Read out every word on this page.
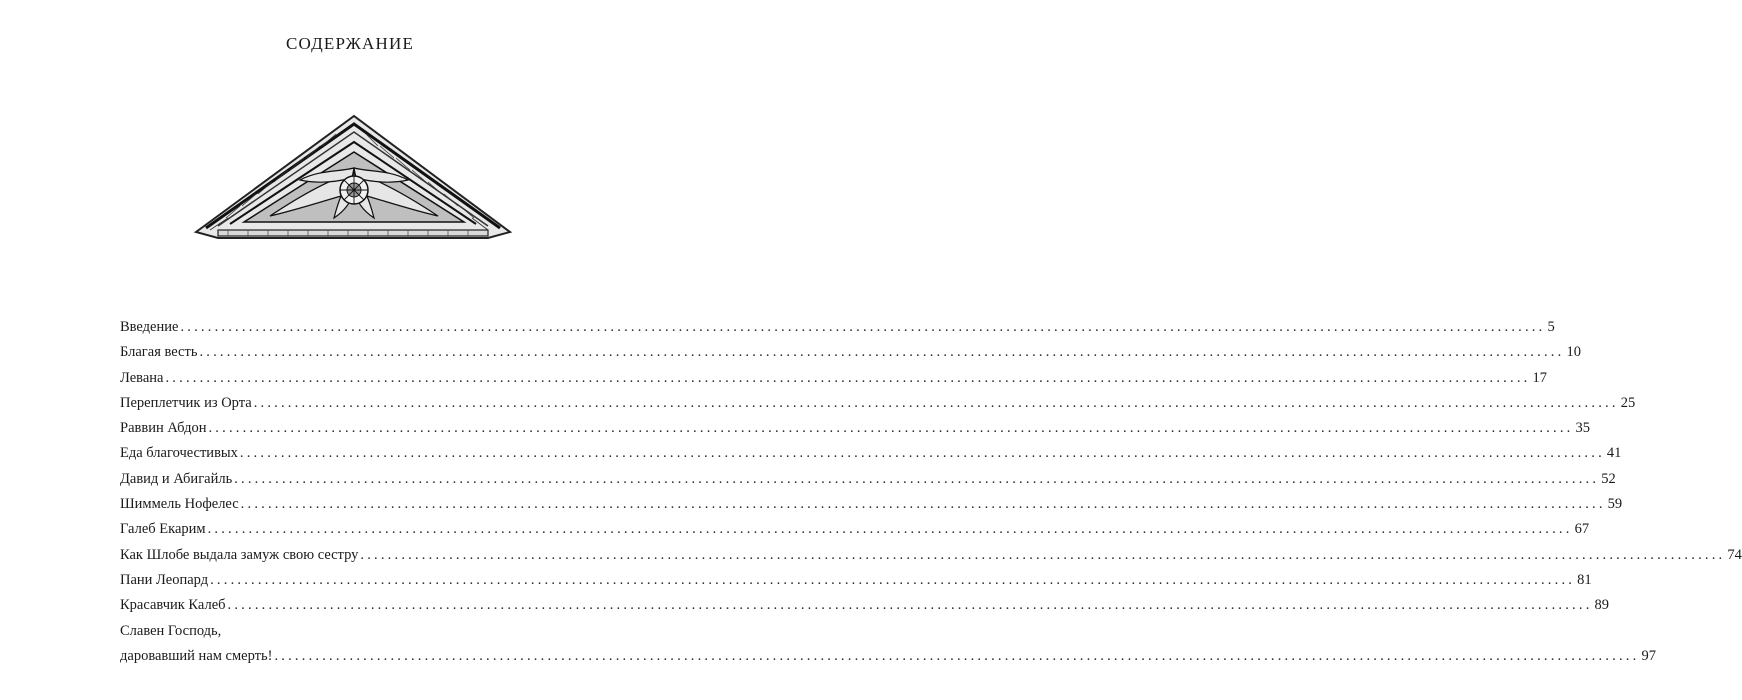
СОДЕРЖАНИЕ
Введение ........................................................................................................................................................................................................ 5
Благая весть ........................................................................................................................................................................................................ 10
Левана ........................................................................................................................................................................................................ 17
Переплетчик из Орта ........................................................................................................................................................................................................ 25
Раввин Абдон ........................................................................................................................................................................................................ 35
Еда благочестивых ........................................................................................................................................................................................................ 41
Давид и Абигайль ........................................................................................................................................................................................................ 52
Шиммель Нофелес ........................................................................................................................................................................................................ 59
Галеб Екарим ........................................................................................................................................................................................................ 67
Как Шлобе выдала замуж свою сестру ........................................................................................................................................................................................................ 74
Пани Леопард ........................................................................................................................................................................................................ 81
Красавчик Калеб ........................................................................................................................................................................................................ 89
Славен Господь,
даровавший нам смерть! ........................................................................................................................................................................................................ 97
